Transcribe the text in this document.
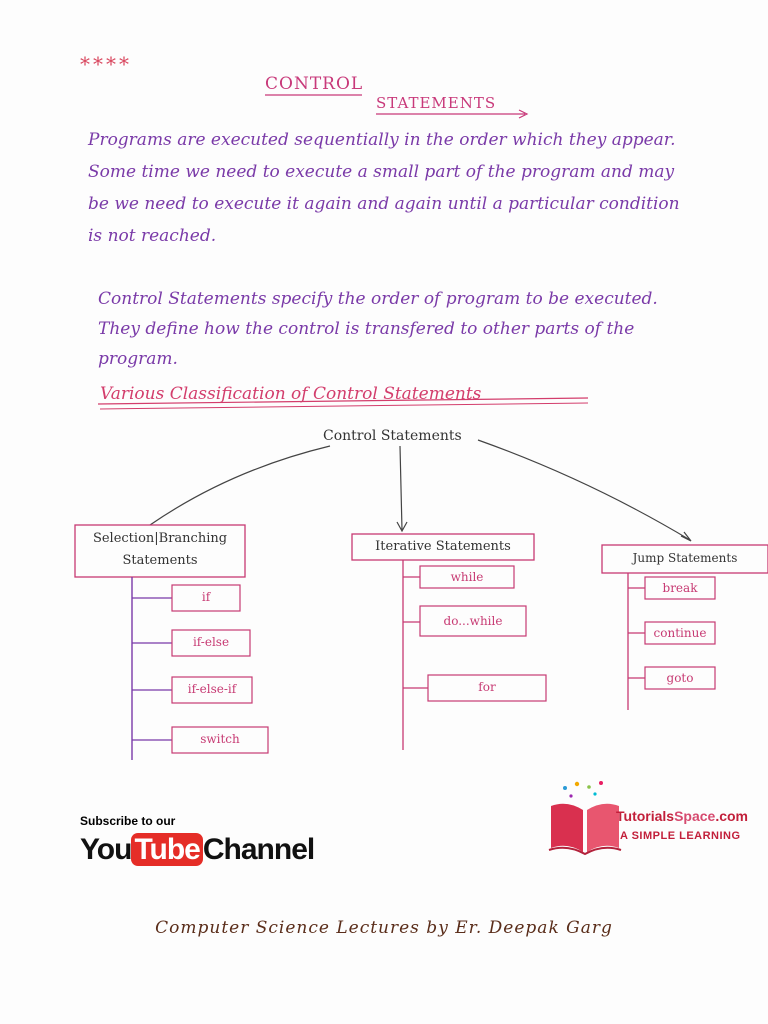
****
CONTROL
STATEMENTS
Programs are executed sequentially in the order which they appear. Some time we need to execute a small part of the program and may be we need to execute it again and again until a particular condition is not reached.
Control Statements specify the order of program to be executed. They define how the control is transfered to other parts of the program.
Various Classification of Control Statements
Control Statements
Selection|Branching
Statements
if
if-else
if-else-if
switch
Iterative Statements
while
do...while
for
Jump Statements
break
continue
goto
Subscribe to our
You Tube Channel
TutorialsSpace.com
A SIMPLE LEARNING
Computer Science Lectures by Er. Deepak Garg
